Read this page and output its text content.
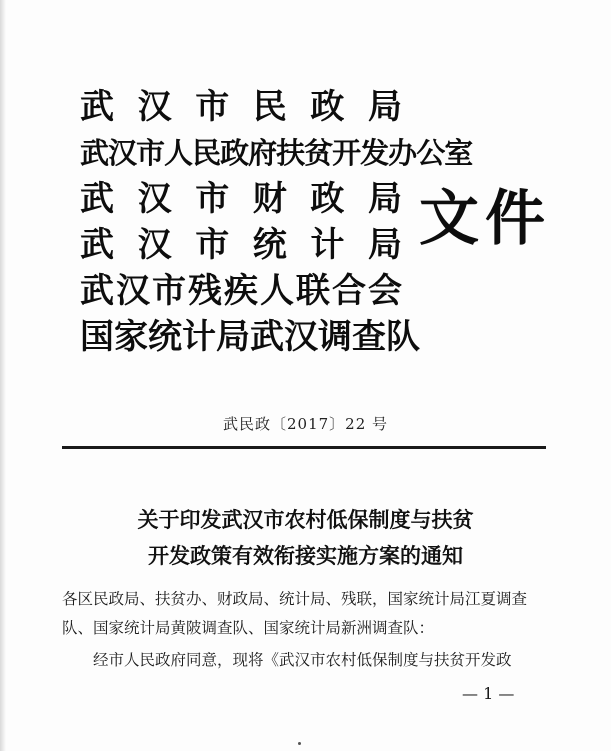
武 汉 市 民 政 局
武 汉 市 人 民 政 府 扶 贫 开 发 办 公 室
武 汉 市 财 政 局
武 汉 市 统 计 局
武 汉 市 残 疾 人 联 合 会
国 家 统 计 局 武 汉 调 查 队
文件
武民政〔2017〕22 号
关于印发武汉市农村低保制度与扶贫
开发政策有效衔接实施方案的通知

各区民政局、扶贫办、财政局、统计局、残联，国家统计局江夏调查
队、国家统计局黄陂调查队、国家统计局新洲调查队：

经市人民政府同意，现将《武汉市农村低保制度与扶贫开发政

— 1 —
